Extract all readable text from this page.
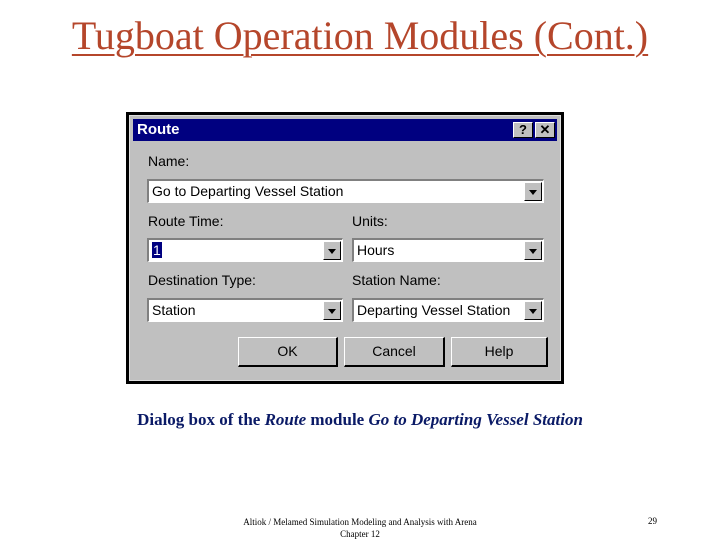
Tugboat Operation Modules (Cont.)
Route	? ✕
Name:
Go to Departing Vessel Station
Route Time:
1
Units:
Hours
Destination Type:
Station
Station Name:
Departing Vessel Station
OK	Cancel	Help
Dialog box of the Route module Go to Departing Vessel Station
Altiok / Melamed Simulation Modeling and Analysis with Arena
Chapter 12
29
